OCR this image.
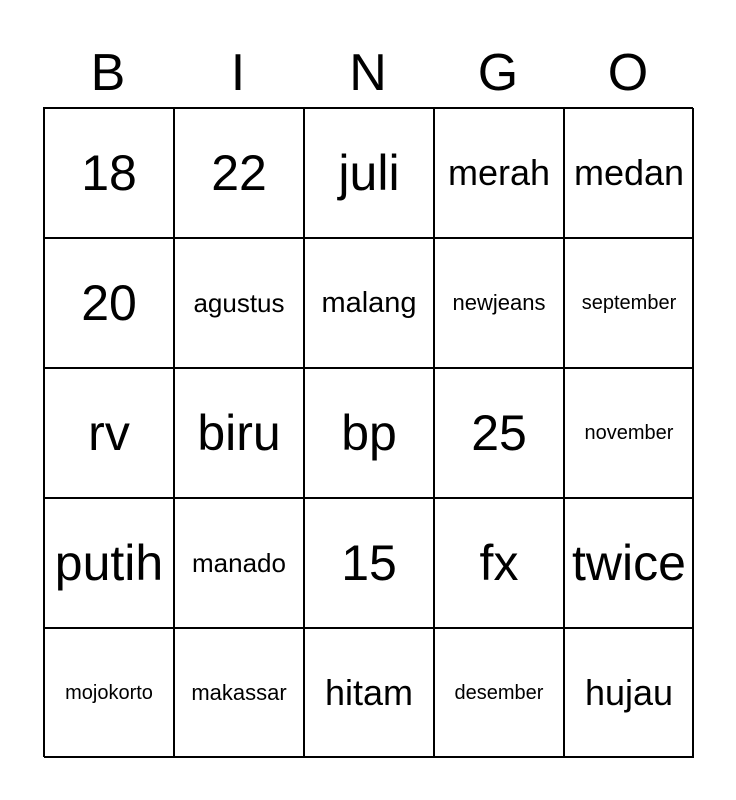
B	I	N	G	O
18 22 juli merah medan
20 agustus malang newjeans september
rv biru bp 25	november
putih manado 15 fx twice
mojokorto makassar hitam desember hujau
